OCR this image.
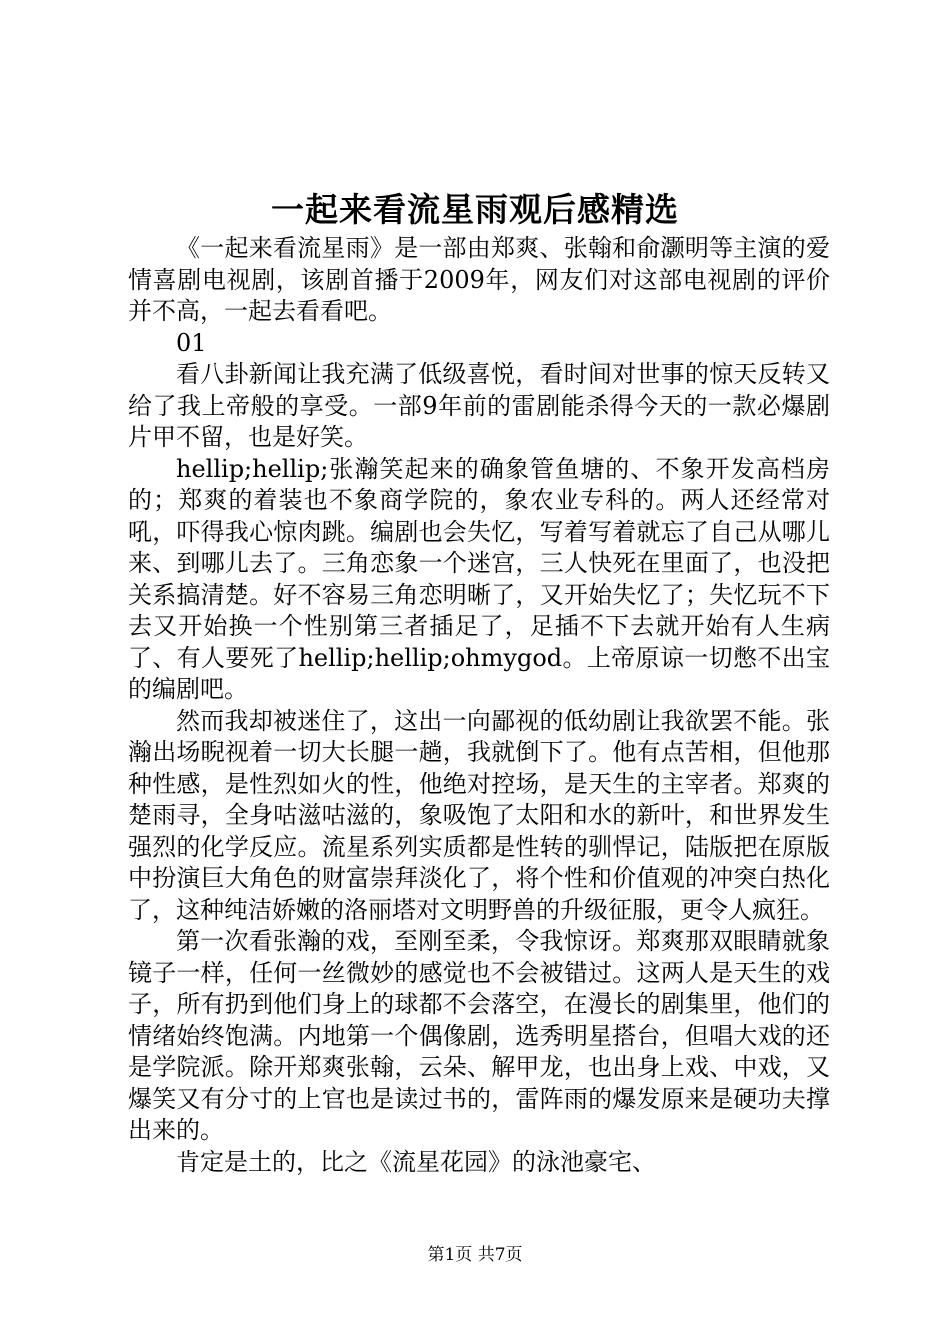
一起来看流星雨观后感精选

《一起来看流星雨》是一部由郑爽、张翰和俞灏明等主演的爱情喜剧电视剧，该剧首播于2009年，网友们对这部电视剧的评价并不高，一起去看看吧。

01

看八卦新闻让我充满了低级喜悦，看时间对世事的惊天反转又给了我上帝般的享受。一部9年前的雷剧能杀得今天的一款必爆剧片甲不留，也是好笑。

hellip;hellip;张瀚笑起来的确象管鱼塘的、不象开发高档房的；郑爽的着装也不象商学院的，象农业专科的。两人还经常对吼，吓得我心惊肉跳。编剧也会失忆，写着写着就忘了自己从哪儿来、到哪儿去了。三角恋象一个迷宫，三人快死在里面了，也没把关系搞清楚。好不容易三角恋明晰了，又开始失忆了；失忆玩不下去又开始换一个性别第三者插足了，足插不下去就开始有人生病了、有人要死了hellip;hellip;ohmygod。上帝原谅一切憋不出宝的编剧吧。

然而我却被迷住了，这出一向鄙视的低幼剧让我欲罢不能。张瀚出场睨视着一切大长腿一趟，我就倒下了。他有点苦相，但他那种性感，是性烈如火的性，他绝对控场，是天生的主宰者。郑爽的楚雨寻，全身咕滋咕滋的，象吸饱了太阳和水的新叶，和世界发生强烈的化学反应。流星系列实质都是性转的驯悍记，陆版把在原版中扮演巨大角色的财富崇拜淡化了，将个性和价值观的冲突白热化了，这种纯洁娇嫩的洛丽塔对文明野兽的升级征服，更令人疯狂。

第一次看张瀚的戏，至刚至柔，令我惊讶。郑爽那双眼睛就象镜子一样，任何一丝微妙的感觉也不会被错过。这两人是天生的戏子，所有扔到他们身上的球都不会落空，在漫长的剧集里，他们的情绪始终饱满。内地第一个偶像剧，选秀明星搭台，但唱大戏的还是学院派。除开郑爽张翰，云朵、解甲龙，也出身上戏、中戏，又爆笑又有分寸的上官也是读过书的，雷阵雨的爆发原来是硬功夫撑出来的。

肯定是土的，比之《流星花园》的泳池豪宅、

第1页 共7页
